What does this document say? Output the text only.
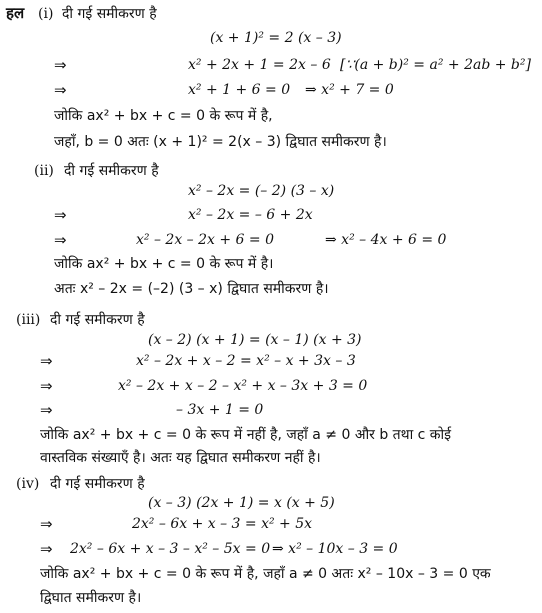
हल (i) दी गई समीकरण है
(x + 1)² = 2 (x – 3)
⇒	x² + 2x + 1 = 2x – 6 [∵(a + b)² = a² + 2ab + b²]
⇒	x² + 1 + 6 = 0 ⇒ x² + 7 = 0
जोकि ax² + bx + c = 0 के रूप में है,
जहाँ, b = 0 अतः (x + 1)² = 2(x – 3) द्विघात समीकरण है।
(ii) दी गई समीकरण है
x² – 2x = (– 2) (3 – x)
⇒	x² – 2x = – 6 + 2x
⇒	x² – 2x – 2x + 6 = 0	⇒ x² – 4x + 6 = 0
जोकि ax² + bx + c = 0 के रूप में है।
अतः x² – 2x = (–2) (3 – x) द्विघात समीकरण है।
(iii) दी गई समीकरण है
(x – 2) (x + 1) = (x – 1) (x + 3)
⇒	x² – 2x + x – 2 = x² – x + 3x – 3
⇒	x² – 2x + x – 2 – x² + x – 3x + 3 = 0
⇒	– 3x + 1 = 0
जोकि ax² + bx + c = 0 के रूप में नहीं है, जहाँ a ≠ 0 और b तथा c कोई
वास्तविक संख्याएँ है। अतः यह द्विघात समीकरण नहीं है।
(iv) दी गई समीकरण है
(x – 3) (2x + 1) = x (x + 5)
⇒	2x² – 6x + x – 3 = x² + 5x
⇒ 2x² – 6x + x – 3 – x² – 5x = 0 ⇒ x² – 10x – 3 = 0
जोकि ax² + bx + c = 0 के रूप में है, जहाँ a ≠ 0 अतः x² – 10x – 3 = 0 एक
द्विघात समीकरण है।
